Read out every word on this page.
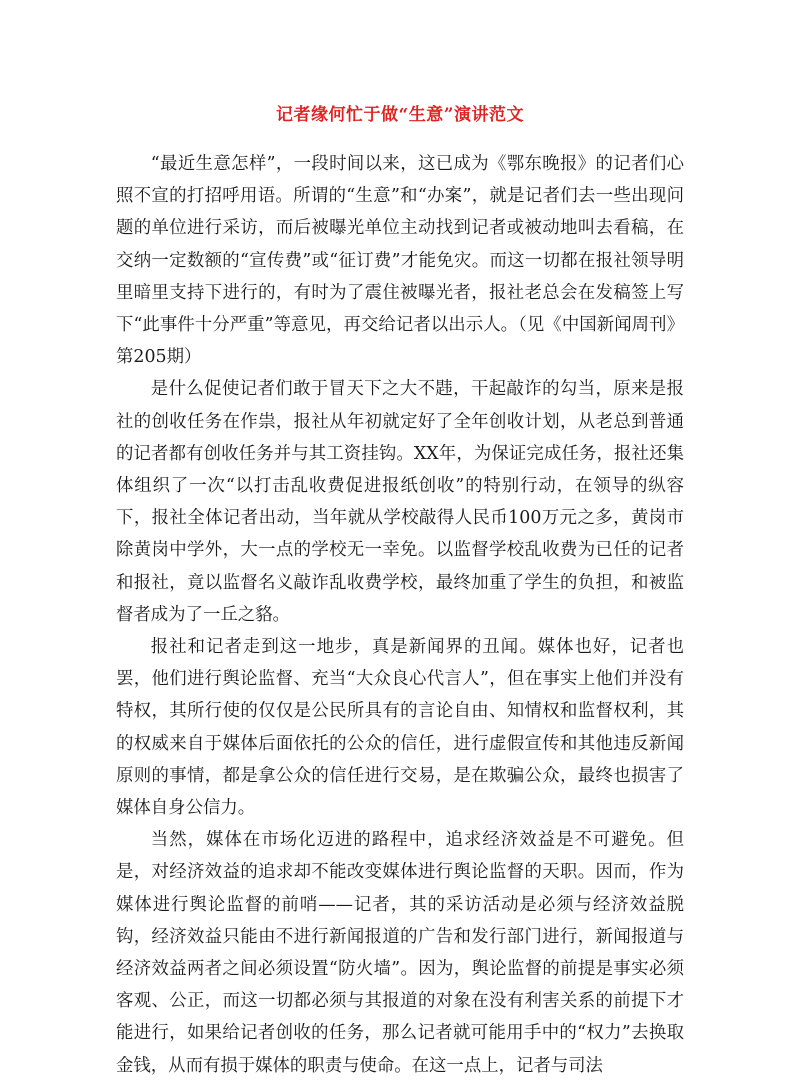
记者缘何忙于做“生意”演讲范文

“最近生意怎样”，一段时间以来，这已成为《鄂东晚报》的记者们心照不宣的打招呼用语。所谓的“生意”和“办案”，就是记者们去一些出现问题的单位进行采访，而后被曝光单位主动找到记者或被动地叫去看稿，在交纳一定数额的“宣传费”或“征订费”才能免灾。而这一切都在报社领导明里暗里支持下进行的，有时为了震住被曝光者，报社老总会在发稿签上写下“此事件十分严重”等意见，再交给记者以出示人。（见《中国新闻周刊》第205期）

是什么促使记者们敢于冒天下之大不韪，干起敲诈的勾当，原来是报社的创收任务在作祟，报社从年初就定好了全年创收计划，从老总到普通的记者都有创收任务并与其工资挂钩。XX年，为保证完成任务，报社还集体组织了一次“以打击乱收费促进报纸创收”的特别行动，在领导的纵容下，报社全体记者出动，当年就从学校敲得人民币100万元之多，黄岗市除黄岗中学外，大一点的学校无一幸免。以监督学校乱收费为已任的记者和报社，竟以监督名义敲诈乱收费学校，最终加重了学生的负担，和被监督者成为了一丘之貉。

报社和记者走到这一地步，真是新闻界的丑闻。媒体也好，记者也罢，他们进行舆论监督、充当“大众良心代言人”，但在事实上他们并没有特权，其所行使的仅仅是公民所具有的言论自由、知情权和监督权利，其的权威来自于媒体后面依托的公众的信任，进行虚假宣传和其他违反新闻原则的事情，都是拿公众的信任进行交易，是在欺骗公众，最终也损害了媒体自身公信力。

当然，媒体在市场化迈进的路程中，追求经济效益是不可避免。但是，对经济效益的追求却不能改变媒体进行舆论监督的天职。因而，作为媒体进行舆论监督的前哨——记者，其的采访活动是必须与经济效益脱钩，经济效益只能由不进行新闻报道的广告和发行部门进行，新闻报道与经济效益两者之间必须设置“防火墙”。因为，舆论监督的前提是事实必须客观、公正，而这一切都必须与其报道的对象在没有利害关系的前提下才能进行，如果给记者创收的任务，那么记者就可能用手中的“权力”去换取金钱，从而有损于媒体的职责与使命。在这一点上，记者与司法
